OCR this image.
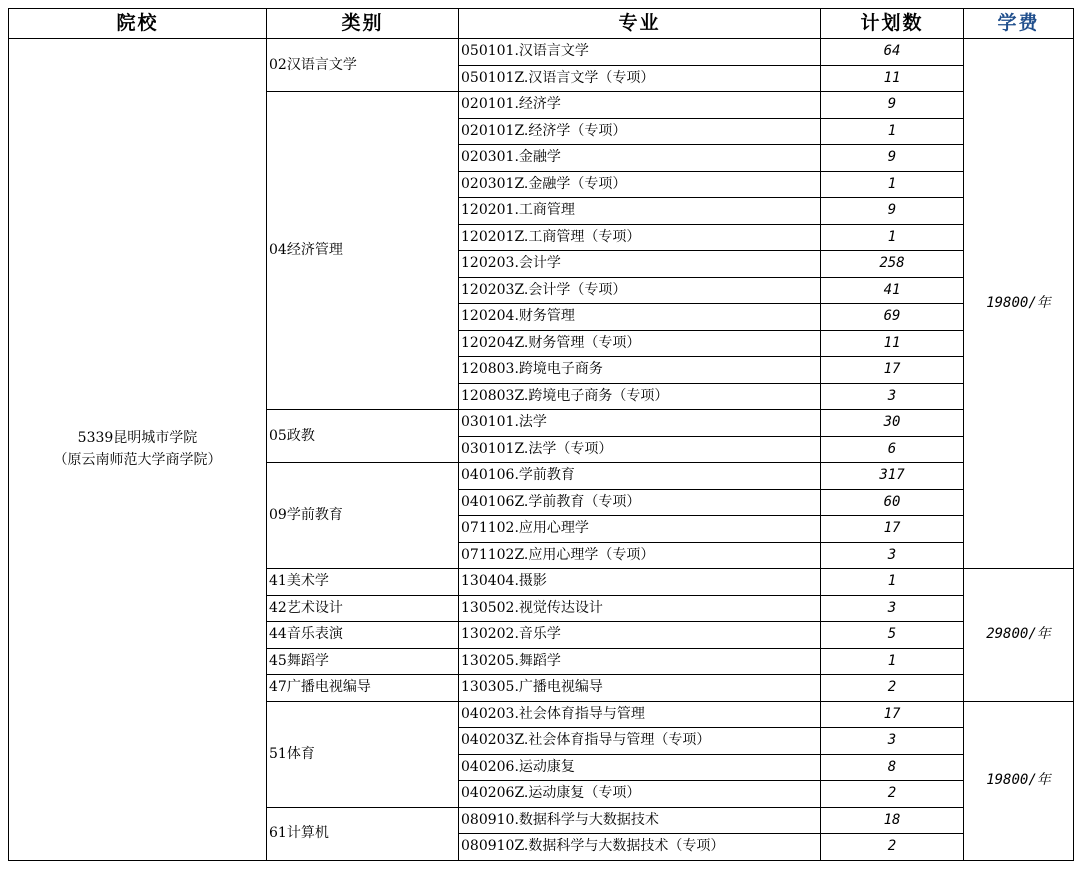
院校	类别	专业	计划数	学费

5339昆明城市学院
（原云南师范大学商学院）	02汉语言文学	050101.汉语言文学	64	19800/年
		050101Z.汉语言文学（专项）	11	
	04经济管理	020101.经济学	9	
		020101Z.经济学（专项）	1	
		020301.金融学	9	
		020301Z.金融学（专项）	1	
		120201.工商管理	9	
		120201Z.工商管理（专项）	1	
		120203.会计学	258	
		120203Z.会计学（专项）	41	
		120204.财务管理	69	
		120204Z.财务管理（专项）	11	
		120803.跨境电子商务	17	
		120803Z.跨境电子商务（专项）	3	
	05政教	030101.法学	30	
		030101Z.法学（专项）	6	
	09学前教育	040106.学前教育	317	
		040106Z.学前教育（专项）	60	
		071102.应用心理学	17	
		071102Z.应用心理学（专项）	3	
	41美术学	130404.摄影	1	29800/年
	42艺术设计	130502.视觉传达设计	3	
	44音乐表演	130202.音乐学	5	
	45舞蹈学	130205.舞蹈学	1	
	47广播电视编导	130305.广播电视编导	2	
	51体育	040203.社会体育指导与管理	17	19800/年
		040203Z.社会体育指导与管理（专项）	3	
		040206.运动康复	8	
		040206Z.运动康复（专项）	2	
	61计算机	080910.数据科学与大数据技术	18	
		080910Z.数据科学与大数据技术（专项）	2	
